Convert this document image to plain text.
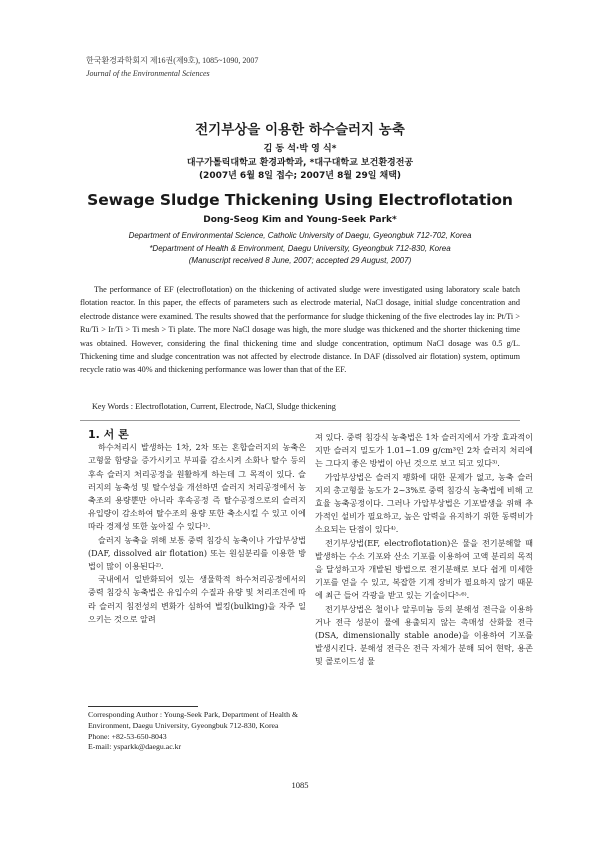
한국환경과학회지 제16권(제9호), 1085~1090, 2007
Journal of the Environmental Sciences
전기부상을 이용한 하수슬러지 농축
김 동 석·박 영 식*
대구가톨릭대학교 환경과학과, *대구대학교 보건환경전공
(2007년 6월 8일 접수; 2007년 8월 29일 채택)
Sewage Sludge Thickening Using Electroflotation
Dong-Seog Kim and Young-Seek Park*
Department of Environmental Science, Catholic University of Daegu, Gyeongbuk 712-702, Korea
*Department of Health & Environment, Daegu University, Gyeongbuk 712-830, Korea
(Manuscript received 8 June, 2007; accepted 29 August, 2007)
The performance of EF (electroflotation) on the thickening of activated sludge were investigated using laboratory scale batch flotation reactor. In this paper, the effects of parameters such as electrode material, NaCl dosage, initial sludge concentration and electrode distance were examined. The results showed that the performance for sludge thickening of the five electrodes lay in: Pt/Ti > Ru/Ti > Ir/Ti > Ti mesh > Ti plate. The more NaCl dosage was high, the more sludge was thickened and the shorter thickening time was obtained. However, considering the final thickening time and sludge concentration, optimum NaCl dosage was 0.5 g/L. Thickening time and sludge concentration was not affected by electrode distance. In DAF (dissolved air flotation) system, optimum recycle ratio was 40% and thickening performance was lower than that of the EF.
Key Words : Electroflotation, Current, Electrode, NaCl, Sludge thickening

1. 서 론

하수처리시 발생하는 1차, 2차 또는 혼합슬러지의 농축은 고형물 함량을 증가시키고 부피를 감소시켜 소화나 탈수 등의 후속 슬러지 처리공정을 원활하게 하는데 그 목적이 있다. 슬러지의 농축성 및 탈수성을 개선하면 슬러지 처리공정에서 농축조의 용량뿐만 아니라 후속공정 즉 탈수공정으로의 슬러지 유입량이 감소하여 탈수조의 용량 또한 축소시킬 수 있고 이에 따라 경제성 또한 높아질 수 있다¹⁾.

슬러지 농축을 위해 보통 중력 침강식 농축이나 가압부상법(DAF, dissolved air flotation) 또는 원심분리를 이용한 방법이 많이 이용된다²⁾.

국내에서 일반화되어 있는 생물학적 하수처리공정에서의 중력 침강식 농축법은 유입수의 수질과 유량 및 처리조건에 따라 슬러지 침전성의 변화가 심하여 벌킹(bulking)을 자주 일으키는 것으로 알려

져 있다. 중력 침강식 농축법은 1차 슬러지에서 가장 효과적이지만 슬러지 밀도가 1.01~1.09 g/cm³인 2차 슬러지 처리에는 그다지 좋은 방법이 아닌 것으로 보고 되고 있다³⁾.

가압부상법은 슬러지 팽화에 대한 문제가 없고, 농축 슬러지의 총고형물 농도가 2~3%로 중력 침강식 농축법에 비해 고효율 농축공정이다. 그러나 가압부상법은 기포발생을 위해 추가적인 설비가 필요하고, 높은 압력을 유지하기 위한 동력비가 소요되는 단점이 있다⁴⁾.

전기부상법(EF, electroflotation)은 물을 전기분해할 때 발생하는 수소 기포와 산소 기포를 이용하여 고액 분리의 목적을 달성하고자 개발된 방법으로 전기분해로 보다 쉽게 미세한 기포를 얻을 수 있고, 복잡한 기계 장비가 필요하지 않기 때문에 최근 들어 각광을 받고 있는 기술이다⁵·⁶⁾.

전기부상법은 철이나 알루미늄 등의 분해성 전극을 이용하거나 전극 성분이 물에 용출되지 않는 촉매성 산화물 전극(DSA, dimensionally stable anode)을 이용하여 기포를 발생시킨다. 분해성 전극은 전극 자체가 분해 되어 현탁, 용존 및 콜로이드성 물

Corresponding Author : Young-Seek Park, Department of Health & Environment, Daegu University, Gyeongbuk 712-830, Korea
Phone: +82-53-650-8043
E-mail: ysparkk@daegu.ac.kr
1085
